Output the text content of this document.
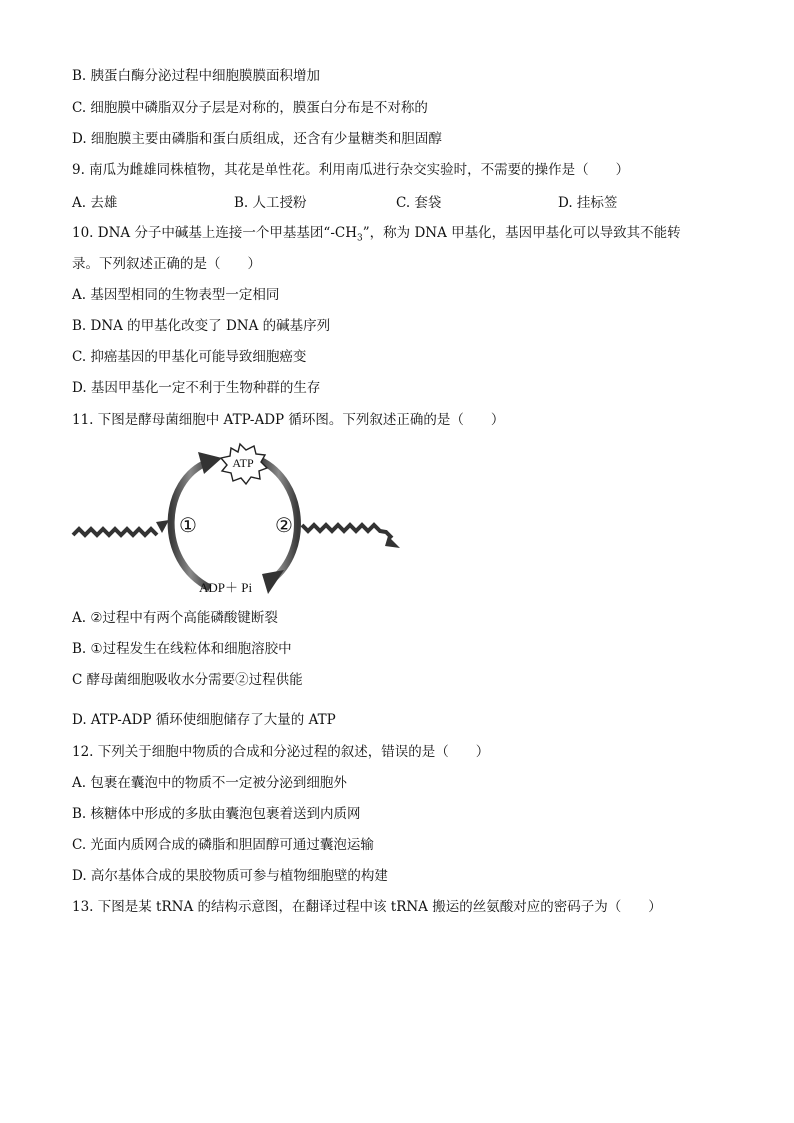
B. 胰蛋白酶分泌过程中细胞膜膜面积增加
C. 细胞膜中磷脂双分子层是对称的，膜蛋白分布是不对称的
D. 细胞膜主要由磷脂和蛋白质组成，还含有少量糖类和胆固醇
9. 南瓜为雌雄同株植物，其花是单性花。利用南瓜进行杂交实验时，不需要的操作是（　　）
A. 去雄	B. 人工授粉	C. 套袋	D. 挂标签
10. DNA 分子中碱基上连接一个甲基基团“$-CH_3$”，称为 DNA 甲基化，基因甲基化可以导致其不能转
录。下列叙述正确的是（　　）
A. 基因型相同的生物表型一定相同
B. DNA 的甲基化改变了 DNA 的碱基序列
C. 抑癌基因的甲基化可能导致细胞癌变
D. 基因甲基化一定不利于生物种群的生存
11. 下图是酵母菌细胞中 ATP-ADP 循环图。下列叙述正确的是（　　）
ATP
①	②
ADP＋ Pi
A. ②过程中有两个高能磷酸键断裂
B. ①过程发生在线粒体和细胞溶胶中
C 酵母菌细胞吸收水分需要②过程供能
D. ATP-ADP 循环使细胞储存了大量的 ATP
12. 下列关于细胞中物质的合成和分泌过程的叙述，错误的是（　　）
A. 包裹在囊泡中的物质不一定被分泌到细胞外
B. 核糖体中形成的多肽由囊泡包裹着送到内质网
C. 光面内质网合成的磷脂和胆固醇可通过囊泡运输
D. 高尔基体合成的果胶物质可参与植物细胞壁的构建
13. 下图是某 tRNA 的结构示意图，在翻译过程中该 tRNA 搬运的丝氨酸对应的密码子为（　　）
